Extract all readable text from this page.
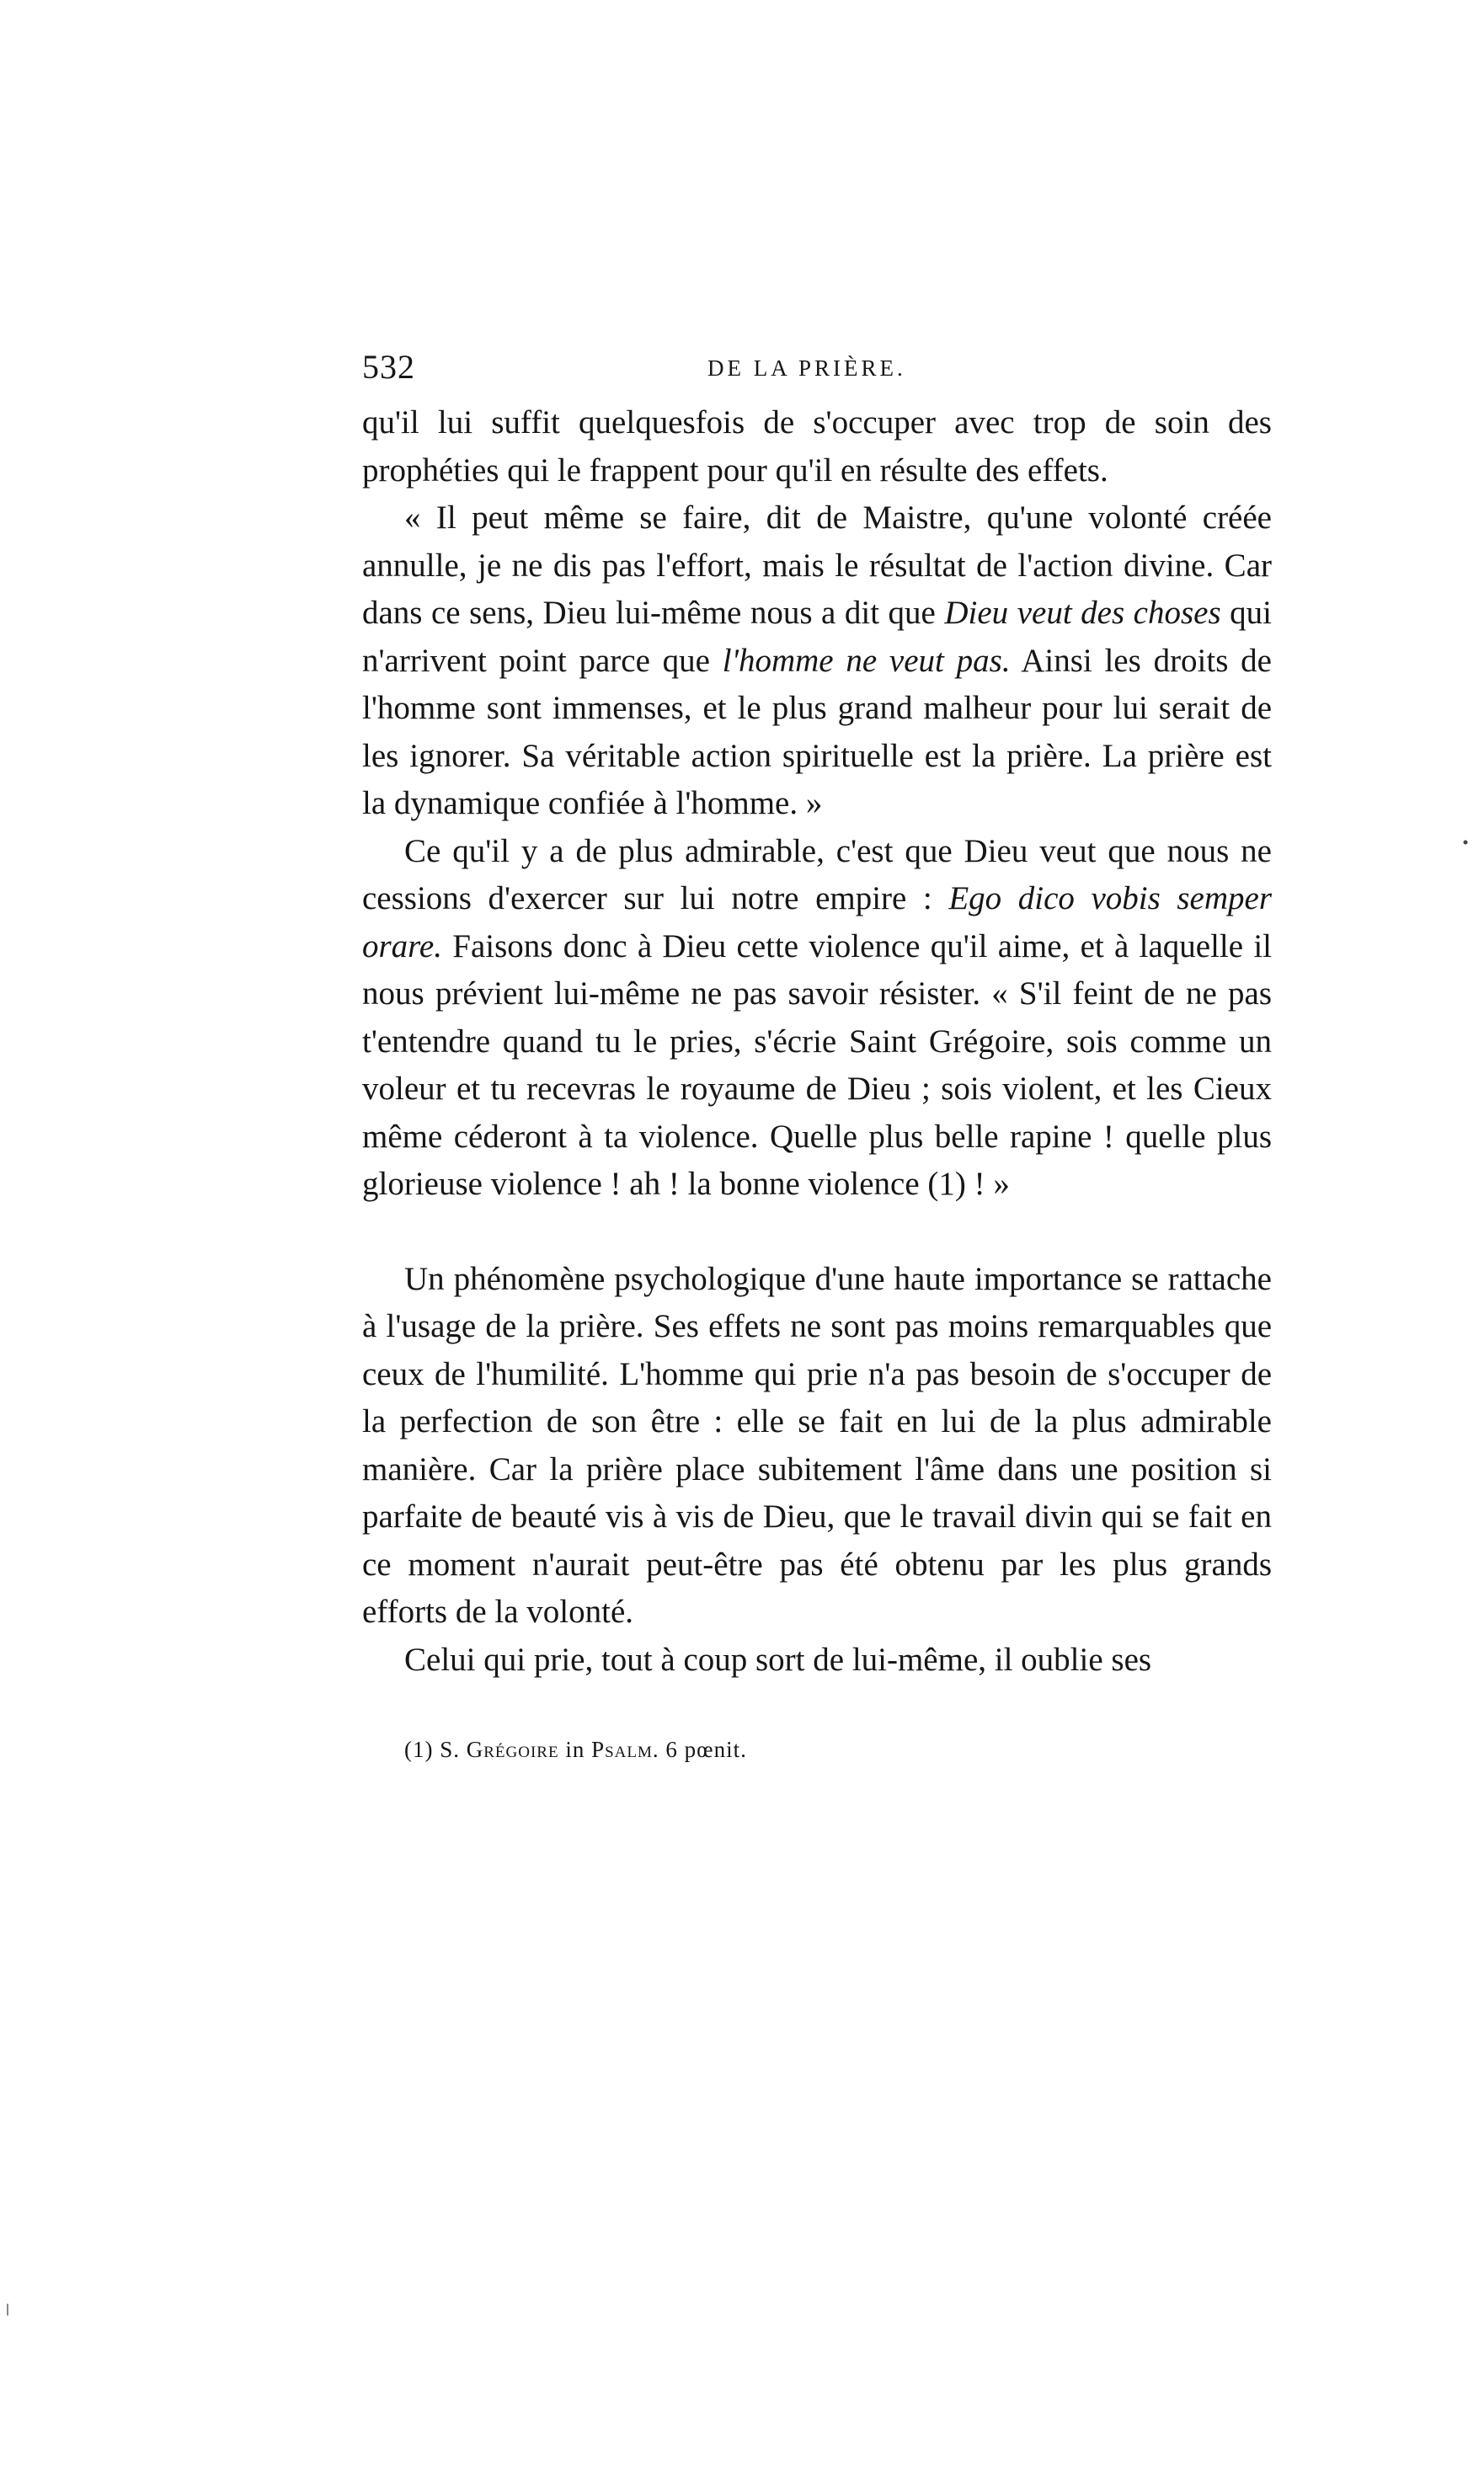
532	DE LA PRIÈRE.

qu'il lui suffit quelquesfois de s'occuper avec trop de soin des prophéties qui le frappent pour qu'il en résulte des effets.

« Il peut même se faire, dit de Maistre, qu'une volonté créée annulle, je ne dis pas l'effort, mais le résultat de l'action divine. Car dans ce sens, Dieu lui-même nous a dit que Dieu veut des choses qui n'arrivent point parce que l'homme ne veut pas. Ainsi les droits de l'homme sont immenses, et le plus grand malheur pour lui serait de les ignorer. Sa véritable action spirituelle est la prière. La prière est la dynamique confiée à l'homme. »

Ce qu'il y a de plus admirable, c'est que Dieu veut que nous ne cessions d'exercer sur lui notre empire : Ego dico vobis semper orare. Faisons donc à Dieu cette violence qu'il aime, et à laquelle il nous prévient lui-même ne pas savoir résister. « S'il feint de ne pas t'entendre quand tu le pries, s'écrie Saint Grégoire, sois comme un voleur et tu recevras le royaume de Dieu ; sois violent, et les Cieux même céderont à ta violence. Quelle plus belle rapine ! quelle plus glorieuse violence ! ah ! la bonne violence (1) ! »

Un phénomène psychologique d'une haute importance se rattache à l'usage de la prière. Ses effets ne sont pas moins remarquables que ceux de l'humilité. L'homme qui prie n'a pas besoin de s'occuper de la perfection de son être : elle se fait en lui de la plus admirable manière. Car la prière place subitement l'âme dans une position si parfaite de beauté vis à vis de Dieu, que le travail divin qui se fait en ce moment n'aurait peut-être pas été obtenu par les plus grands efforts de la volonté.

Celui qui prie, tout à coup sort de lui-même, il oublie ses

(1) S. Grégoire in Psalm. 6 pœnit.
